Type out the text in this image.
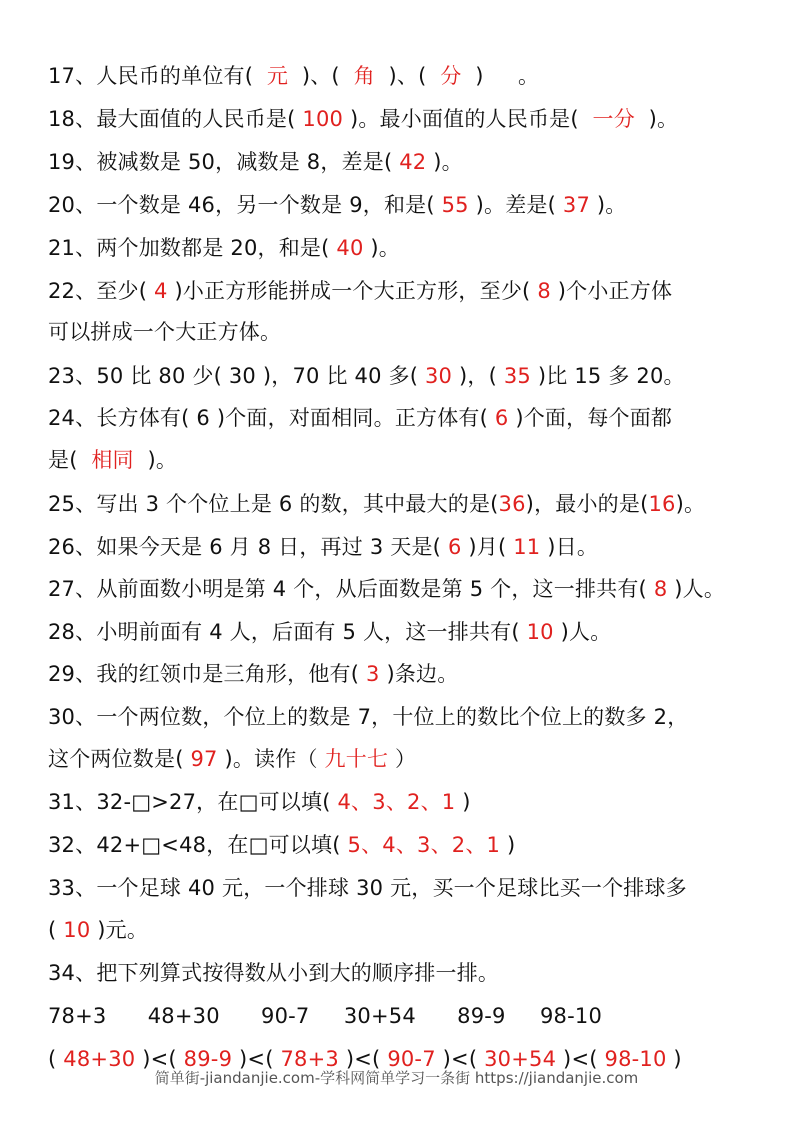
17、人民币的单位有(  元  )、(  角  )、(  分  )     。
18、最大面值的人民币是( 100 )。最小面值的人民币是(  一分  )。
19、被减数是 50，减数是 8，差是( 42 )。
20、一个数是 46，另一个数是 9，和是( 55 )。差是( 37 )。
21、两个加数都是 20，和是( 40 )。
22、至少( 4 )小正方形能拼成一个大正方形，至少( 8 )个小正方体
可以拼成一个大正方体。
23、50 比 80 少( 30 )，70 比 40 多( 30 )，( 35 )比 15 多 20。
24、长方体有( 6 )个面，对面相同。正方体有( 6 )个面，每个面都
是(  相同  )。
25、写出 3 个个位上是 6 的数，其中最大的是(36)，最小的是(16)。
26、如果今天是 6 月 8 日，再过 3 天是( 6 )月( 11 )日。
27、从前面数小明是第 4 个，从后面数是第 5 个，这一排共有( 8 )人。
28、小明前面有 4 人，后面有 5 人，这一排共有( 10 )人。
29、我的红领巾是三角形，他有( 3 )条边。
30、一个两位数，个位上的数是 7，十位上的数比个位上的数多 2，
这个两位数是( 97 )。读作（ 九十七 ）
31、32-□>27，在□可以填( 4、3、2、1 )
32、42+□<48，在□可以填( 5、4、3、2、1 )
33、一个足球 40 元，一个排球 30 元，买一个足球比买一个排球多
( 10 )元。
34、把下列算式按得数从小到大的顺序排一排。
78+3      48+30      90-7     30+54      89-9     98-10
( 48+30 )<( 89-9 )<( 78+3 )<( 90-7 )<( 30+54 )<( 98-10 )
简单街-jiandanjie.com-学科网简单学习一条街 https://jiandanjie.com
